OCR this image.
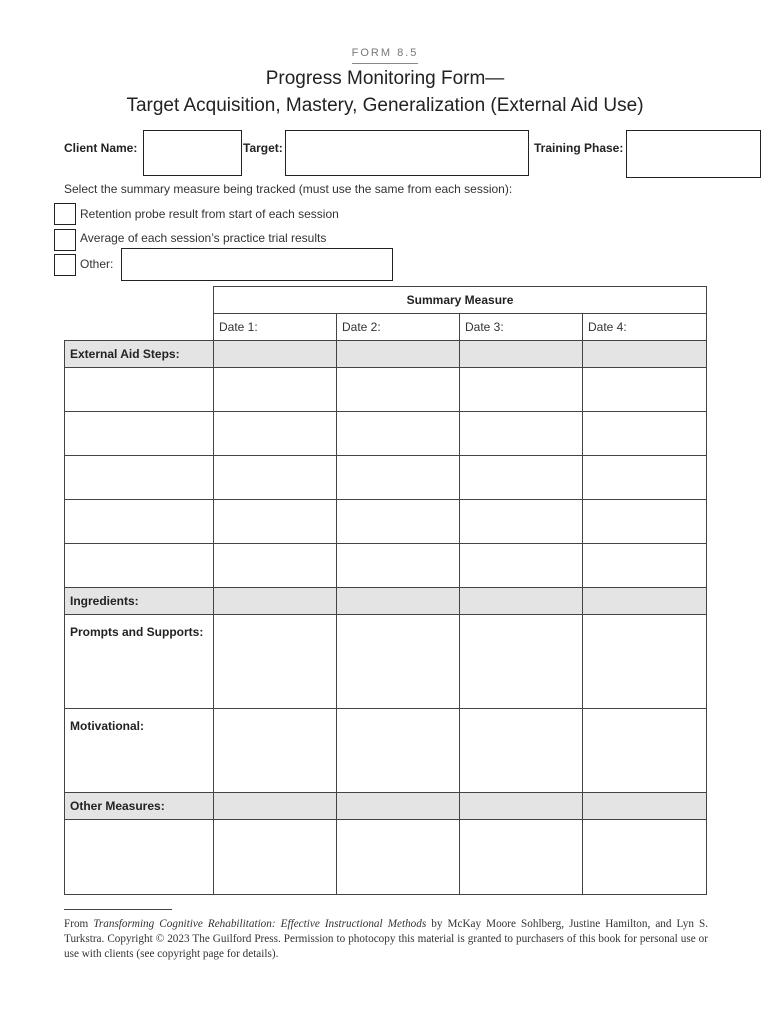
FORM 8.5
Progress Monitoring Form—
Target Acquisition, Mastery, Generalization (External Aid Use)
Client Name:	Target:	Training Phase:
Select the summary measure being tracked (must use the same from each session):
Retention probe result from start of each session
Average of each session’s practice trial results
Other:
	Summary Measure			
	Date 1:	Date 2:	Date 3:	Date 4:
External Aid Steps:				

Ingredients:				
Prompts and Supports:				
Motivational:				
Other Measures:				

From Transforming Cognitive Rehabilitation: Effective Instructional Methods by McKay Moore Sohlberg, Justine Hamilton, and Lyn S. Turkstra. Copyright © 2023 The Guilford Press. Permission to photocopy this material is granted to purchasers of this book for personal use or use with clients (see copyright page for details).
